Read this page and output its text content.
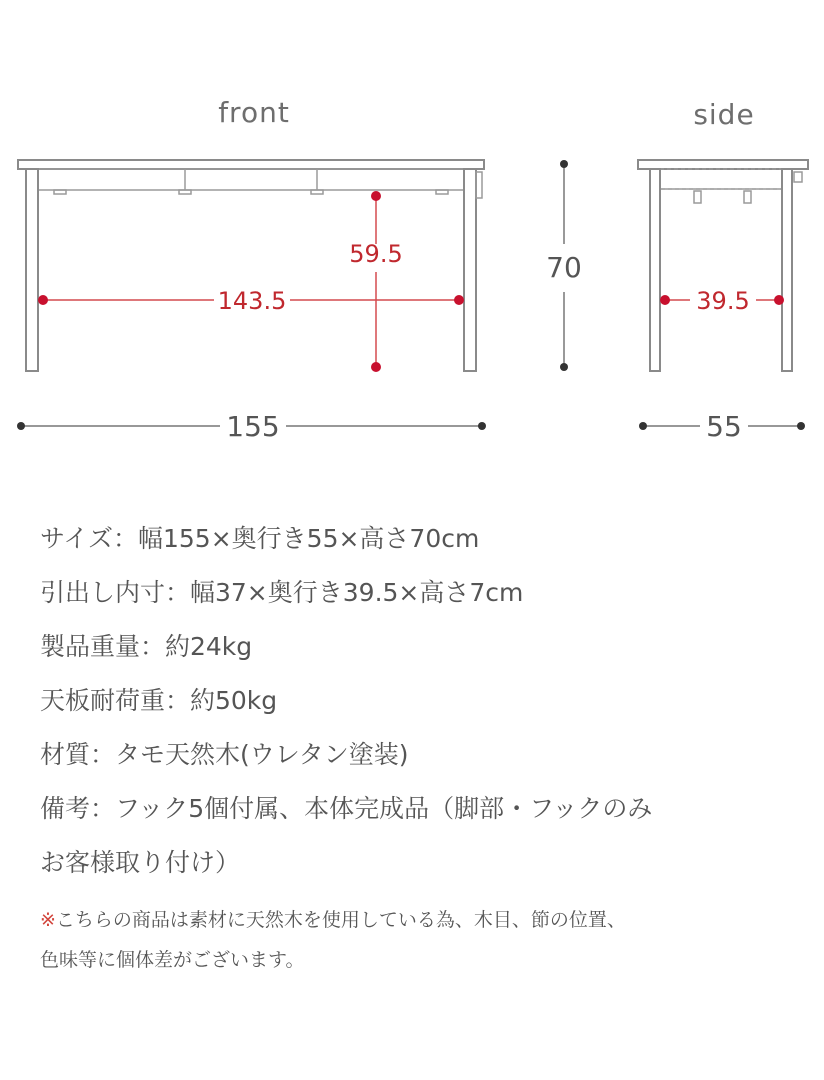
front
59.5
143.5
155
70
side
39.5
55
サイズ：幅155×奥行き55×高さ70cm
引出し内寸：幅37×奥行き39.5×高さ7cm
製品重量：約24kg
天板耐荷重：約50kg
材質：タモ天然木(ウレタン塗装)
備考：フック5個付属、本体完成品（脚部・フックのみ
お客様取り付け）
※こちらの商品は素材に天然木を使用している為、木目、節の位置、
色味等に個体差がございます。
